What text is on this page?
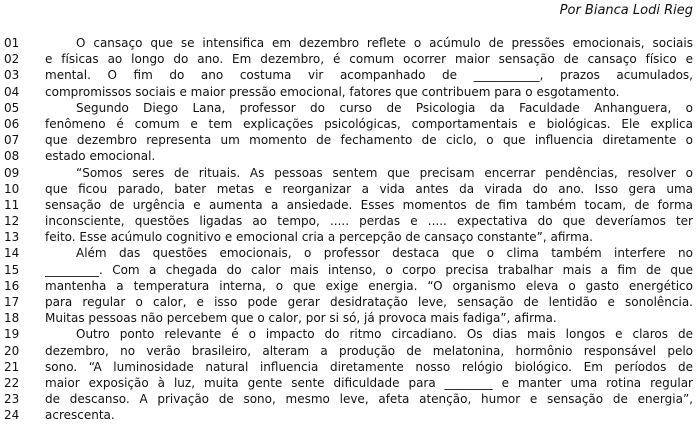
Por Bianca Lodi Rieg
01	O cansaço que se intensifica em dezembro reflete o acúmulo de pressões emocionais, sociais
02	e físicas ao longo do ano. Em dezembro, é comum ocorrer maior sensação de cansaço físico e
03	mental. O fim do ano costuma vir acompanhado de ___________, prazos acumulados,
04	compromissos sociais e maior pressão emocional, fatores que contribuem para o esgotamento.
05	Segundo Diego Lana, professor do curso de Psicologia da Faculdade Anhanguera, o
06	fenômeno é comum e tem explicações psicológicas, comportamentais e biológicas. Ele explica
07	que dezembro representa um momento de fechamento de ciclo, o que influencia diretamente o
08	estado emocional.
09	“Somos seres de rituais. As pessoas sentem que precisam encerrar pendências, resolver o
10	que ficou parado, bater metas e reorganizar a vida antes da virada do ano. Isso gera uma
11	sensação de urgência e aumenta a ansiedade. Esses momentos de fim também tocam, de forma
12	inconsciente, questões ligadas ao tempo, ..... perdas e ..... expectativa do que deveríamos ter
13	feito. Esse acúmulo cognitivo e emocional cria a percepção de cansaço constante”, afirma.
14	Além das questões emocionais, o professor destaca que o clima também interfere no
15	_________. Com a chegada do calor mais intenso, o corpo precisa trabalhar mais a fim de que
16	mantenha a temperatura interna, o que exige energia. “O organismo eleva o gasto energético
17	para regular o calor, e isso pode gerar desidratação leve, sensação de lentidão e sonolência.
18	Muitas pessoas não percebem que o calor, por si só, já provoca mais fadiga”, afirma.
19	Outro ponto relevante é o impacto do ritmo circadiano. Os dias mais longos e claros de
20	dezembro, no verão brasileiro, alteram a produção de melatonina, hormônio responsável pelo
21	sono. “A luminosidade natural influencia diretamente nosso relógio biológico. Em períodos de
22	maior exposição à luz, muita gente sente dificuldade para ________ e manter uma rotina regular
23	de descanso. A privação de sono, mesmo leve, afeta atenção, humor e sensação de energia”,
24	acrescenta.
